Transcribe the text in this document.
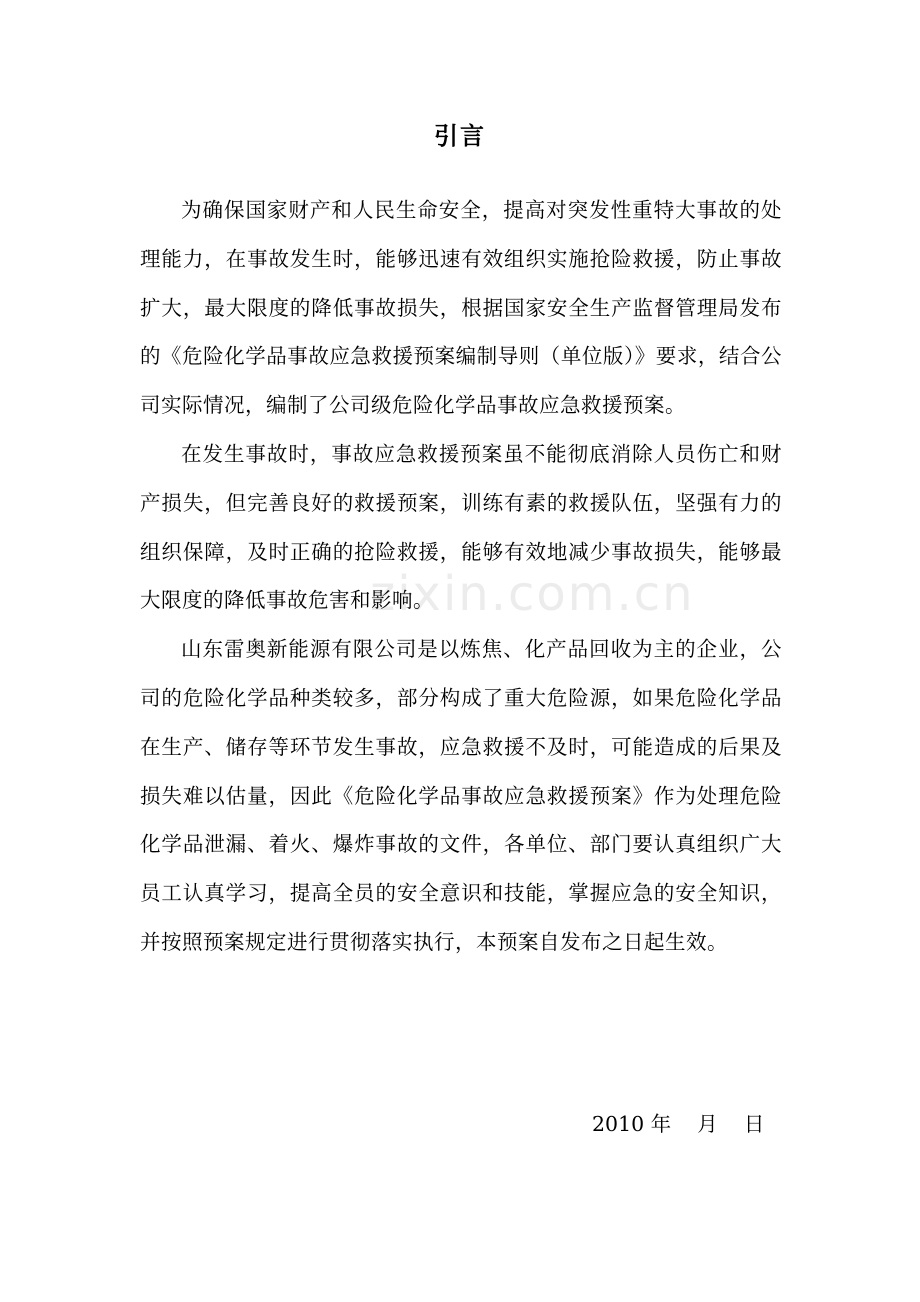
zixin.com.cn
引言

为确保国家财产和人民生命安全，提高对突发性重特大事故的处理能力，在事故发生时，能够迅速有效组织实施抢险救援，防止事故扩大，最大限度的降低事故损失，根据国家安全生产监督管理局发布的《危险化学品事故应急救援预案编制导则（单位版）》要求，结合公司实际情况，编制了公司级危险化学品事故应急救援预案。

在发生事故时，事故应急救援预案虽不能彻底消除人员伤亡和财产损失，但完善良好的救援预案，训练有素的救援队伍，坚强有力的组织保障，及时正确的抢险救援，能够有效地减少事故损失，能够最大限度的降低事故危害和影响。

山东雷奥新能源有限公司是以炼焦、化产品回收为主的企业，公司的危险化学品种类较多，部分构成了重大危险源，如果危险化学品在生产、储存等环节发生事故，应急救援不及时，可能造成的后果及损失难以估量，因此《危险化学品事故应急救援预案》作为处理危险化学品泄漏、着火、爆炸事故的文件，各单位、部门要认真组织广大员工认真学习，提高全员的安全意识和技能，掌握应急的安全知识，并按照预案规定进行贯彻落实执行，本预案自发布之日起生效。

2010 年    月    日
